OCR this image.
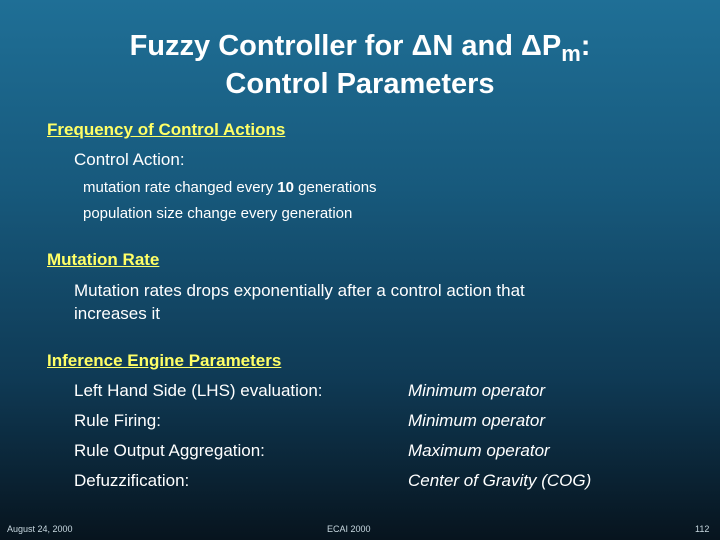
Fuzzy Controller for ΔN and $\Delta P_m$:
Control Parameters
Frequency of Control Actions
Control Action:
mutation rate changed every 10 generations
population size change every generation
Mutation Rate
Mutation rates drops exponentially after a control action that
increases it
Inference Engine Parameters
Left Hand Side (LHS) evaluation:	Minimum operator
Rule Firing:	Minimum operator
Rule Output Aggregation:	Maximum operator
Defuzzification:	Center of Gravity (COG)
August 24, 2000	ECAI 2000	112
